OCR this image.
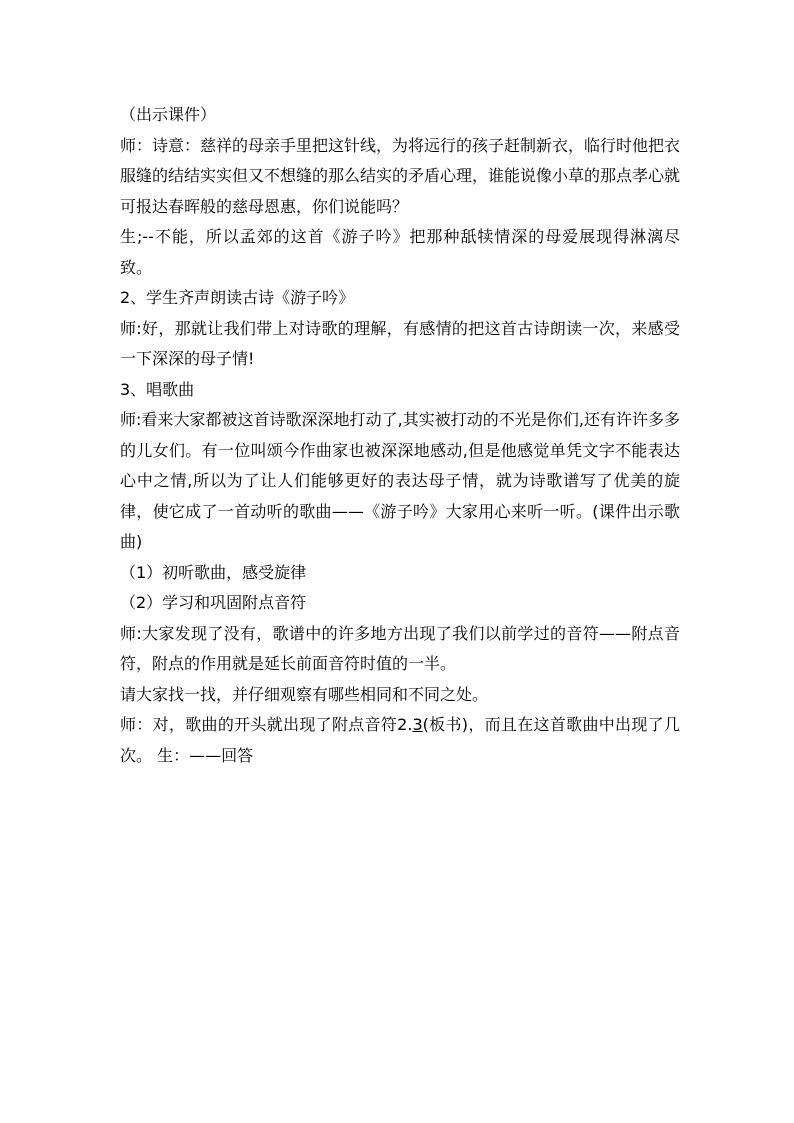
（出示课件）

师：诗意：慈祥的母亲手里把这针线，为将远行的孩子赶制新衣，临行时他把衣服缝的结结实实但又不想缝的那么结实的矛盾心理，谁能说像小草的那点孝心就可报达春晖般的慈母恩惠，你们说能吗？

生;--不能，所以孟郊的这首《游子吟》把那种舐犊情深的母爱展现得淋漓尽致。

2、学生齐声朗读古诗《游子吟》

师:好，那就让我们带上对诗歌的理解，有感情的把这首古诗朗读一次，来感受一下深深的母子情!

3、唱歌曲

师:看来大家都被这首诗歌深深地打动了,其实被打动的不光是你们,还有许许多多的儿女们。有一位叫颂今作曲家也被深深地感动,但是他感觉单凭文字不能表达心中之情,所以为了让人们能够更好的表达母子情，就为诗歌谱写了优美的旋律，使它成了一首动听的歌曲——《游子吟》大家用心来听一听。(课件出示歌曲)

（1）初听歌曲，感受旋律

（2）学习和巩固附点音符

师:大家发现了没有，歌谱中的许多地方出现了我们以前学过的音符——附点音符，附点的作用就是延长前面音符时值的一半。

请大家找一找，并仔细观察有哪些相同和不同之处。

师：对，歌曲的开头就出现了附点音符2.3(板书)，而且在这首歌曲中出现了几次。 生：——回答
